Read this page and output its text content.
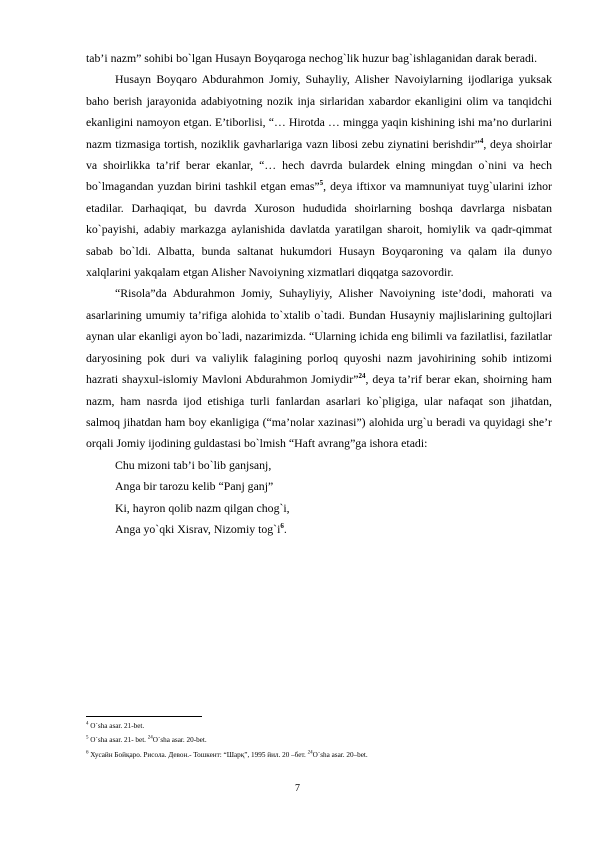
tab’i nazm” sohibi bo`lgan Husayn Boyqaroga nechog`lik huzur bag`ishlaganidan darak beradi.

Husayn Boyqaro Abdurahmon Jomiy, Suhayliy, Alisher Navoiylarning ijodlariga yuksak baho berish jarayonida adabiyotning nozik inja sirlaridan xabardor ekanligini olim va tanqidchi ekanligini namoyon etgan. E’tiborlisi, “… Hirotda … mingga yaqin kishining ishi ma’no durlarini nazm tizmasiga tortish, noziklik gavharlariga vazn libosi zebu ziynatini berishdir”$^4$, deya shoirlar va shoirlikka ta’rif berar ekanlar, “… hech davrda bulardek elning mingdan o`nini va hech bo`lmagandan yuzdan birini tashkil etgan emas”$^5$, deya iftixor va mamnuniyat tuyg`ularini izhor etadilar. Darhaqiqat, bu davrda Xuroson hududida shoirlarning boshqa davrlarga nisbatan ko`payishi, adabiy markazga aylanishida davlatda yaratilgan sharoit, homiylik va qadr-qimmat sabab bo`ldi. Albatta, bunda saltanat hukumdori Husayn Boyqaroning va qalam ila dunyo xalqlarini yakqalam etgan Alisher Navoiyning xizmatlari diqqatga sazovordir.

“Risola”da Abdurahmon Jomiy, Suhayliyiy, Alisher Navoiyning iste’dodi, mahorati va asarlarining umumiy ta’rifiga alohida to`xtalib o`tadi. Bundan Husayniy majlislarining gultojlari aynan ular ekanligi ayon bo`ladi, nazarimizda. “Ularning ichida eng bilimli va fazilatlisi, fazilatlar daryosining pok duri va valiylik falagining porloq quyoshi nazm javohirining sohib intizomi hazrati shayxul-islomiy Mavloni Abdurahmon Jomiydir”$^{24}$, deya ta’rif berar ekan, shoirning ham nazm, ham nasrda ijod etishiga turli fanlardan asarlari ko`pligiga, ular nafaqat son jihatdan, salmoq jihatdan ham boy ekanligiga (“ma’nolar xazinasi”) alohida urg`u beradi va quyidagi she’r orqali Jomiy ijodining guldastasi bo`lmish “Haft avrang”ga ishora etadi:

Chu mizoni tab’i bo`lib ganjsanj,

Anga bir tarozu kelib “Panj ganj”

Ki, hayron qolib nazm qilgan chog`i,

Anga yo`qki Xisrav, Nizomiy $tog`i^6$.

$^4$ O`sha asar. 21-bet.
$^5$ O`sha asar. 21- bet. $^{24}$O`sha asar. 20-bet.
$^6$ Хусайн Бойқаро. Рисола. Девон.- Тошкент: “Шарқ”, 1995 йил. 20 –бет. $^{24}$O`sha asar. 20–bet.
7
